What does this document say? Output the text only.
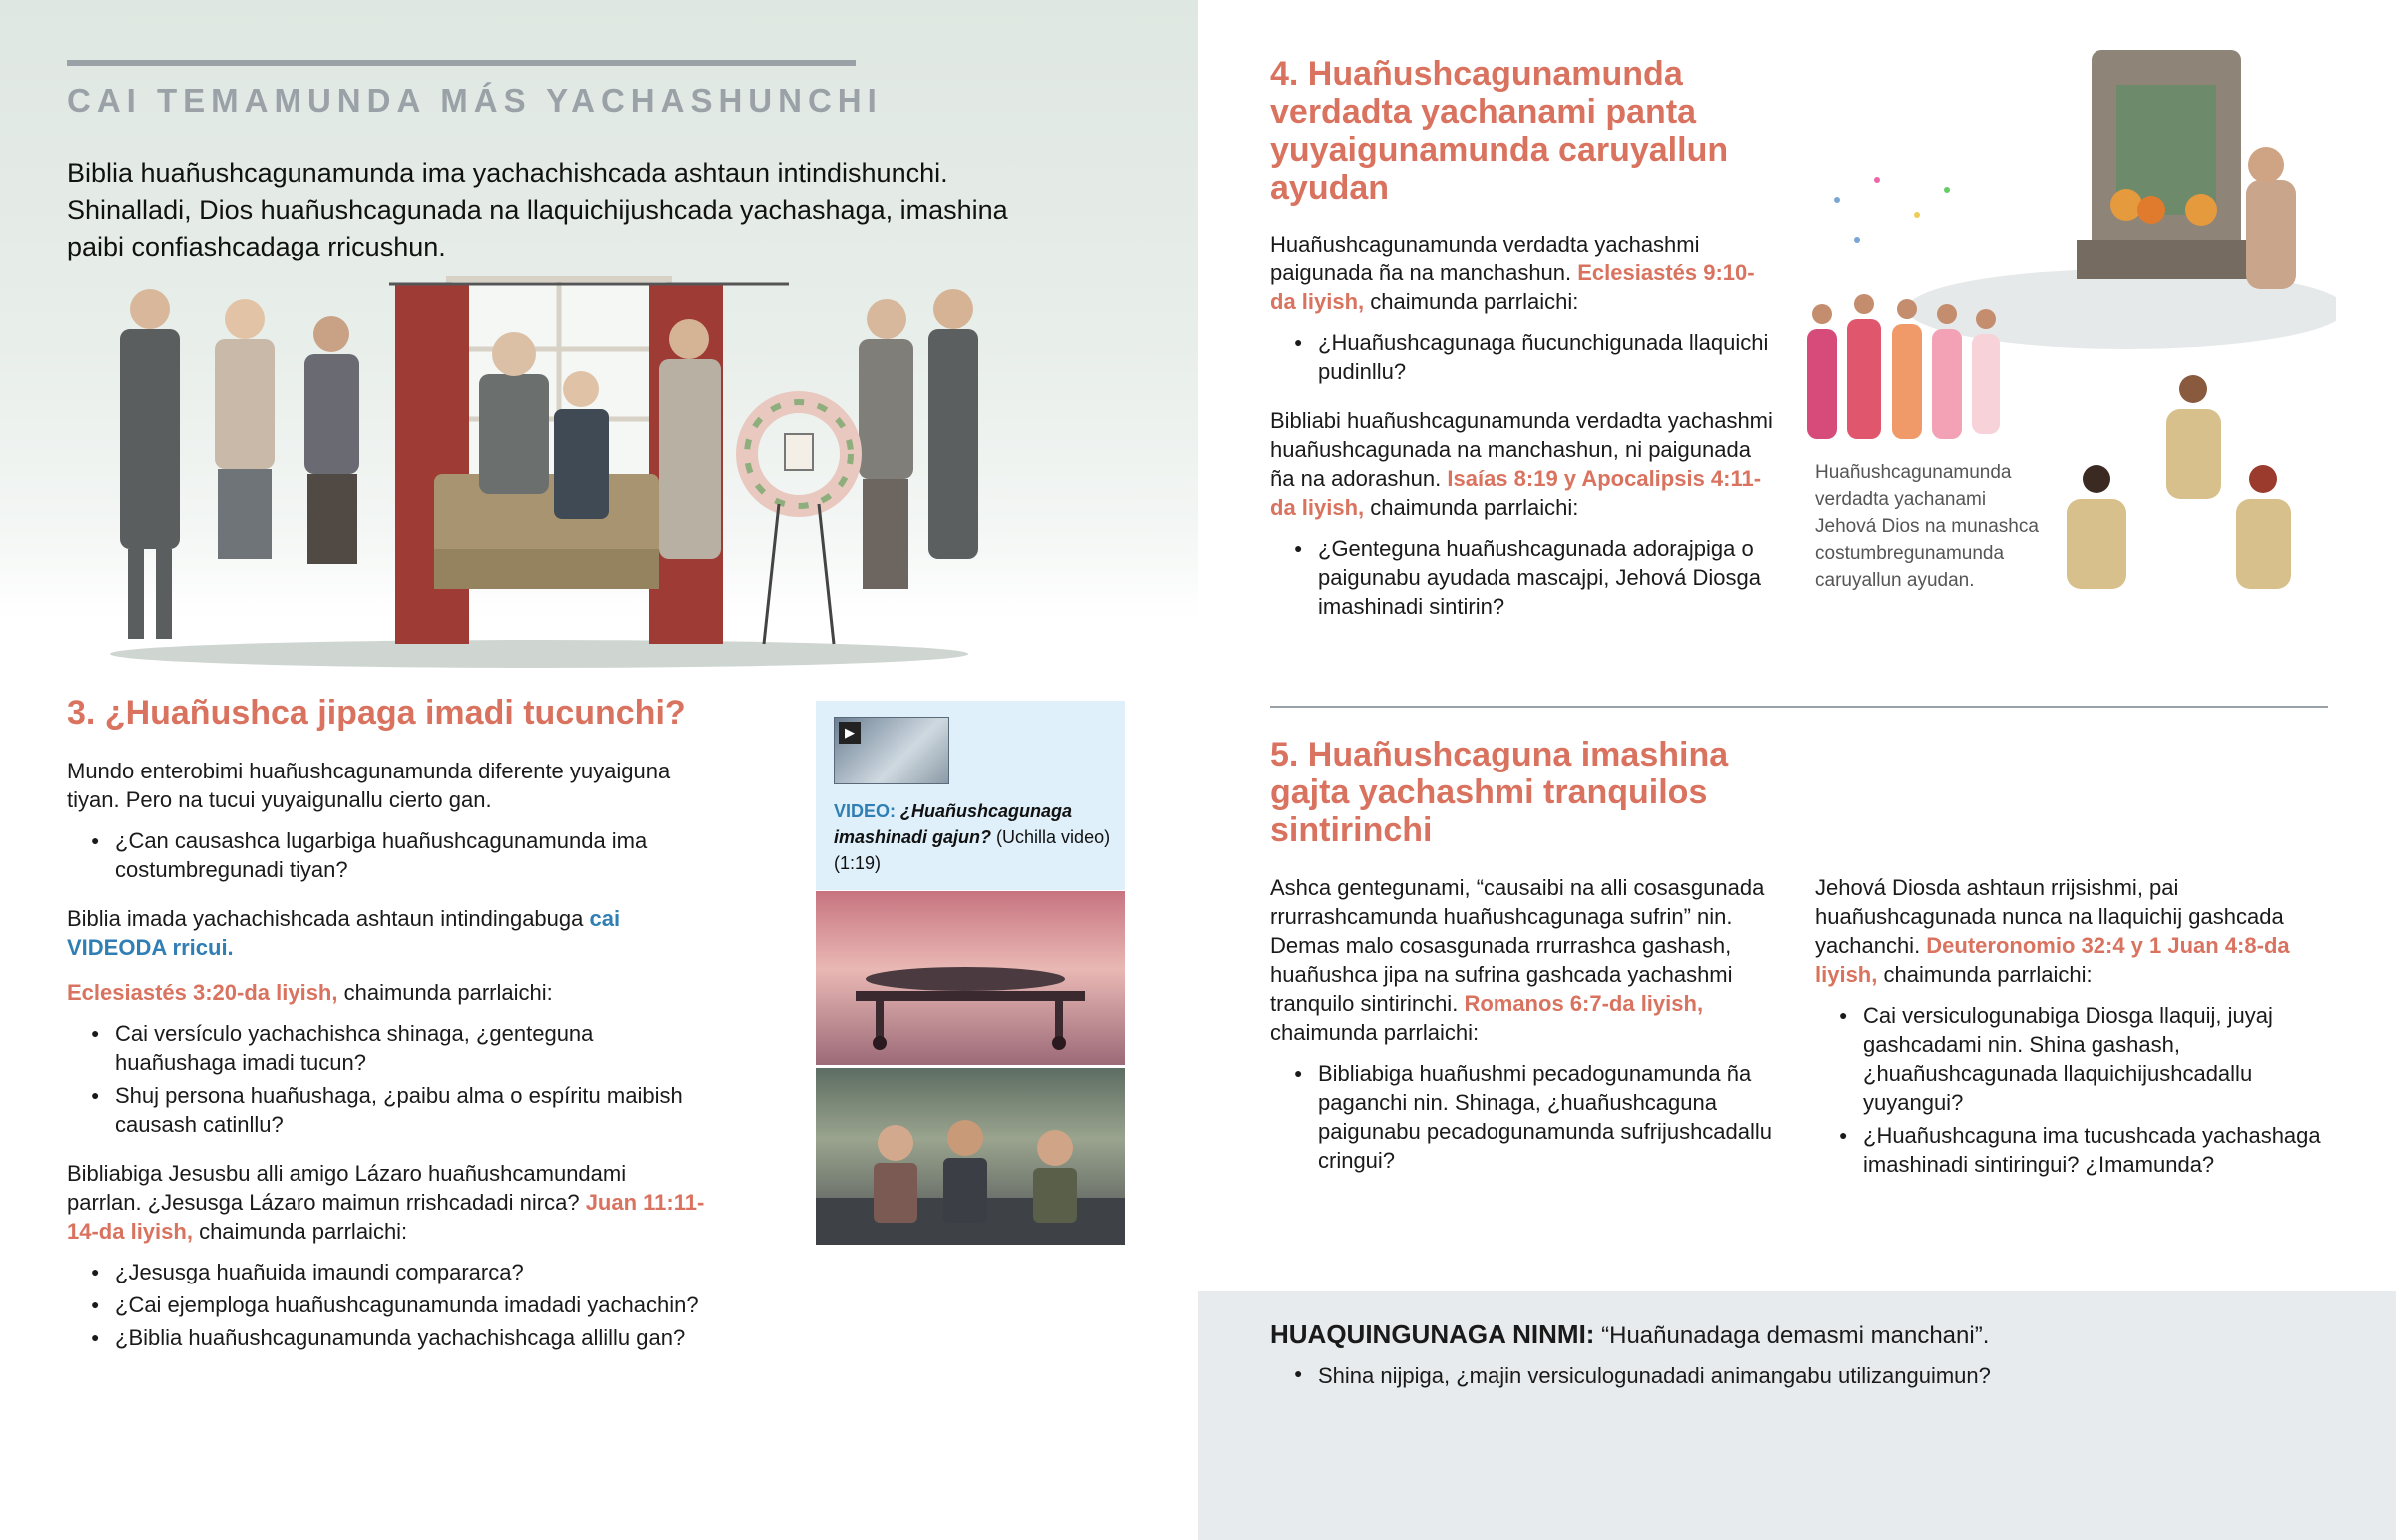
CAI TEMAMUNDA MÁS YACHASHUNCHI
Biblia huañushcagunamunda ima yachachishcada ashtaun intindishunchi. Shinalladi, Dios huañushcagunada na llaquichijushcada yachashaga, imashina paibi confiashcadaga rricushun.
3. ¿Huañushca jipaga imadi tucunchi?
Mundo enterobimi huañushcagunamunda diferente yuyaiguna tiyan. Pero na tucui yuyaigunallu cierto gan.
● ¿Can causashca lugarbiga huañushcagunamunda ima costumbregunadi tiyan?
Biblia imada yachachishcada ashtaun intindingabuga cai VIDEODA rricui.
Eclesiastés 3:20-da liyish, chaimunda parrlaichi:
● Cai versículo yachachishca shinaga, ¿genteguna huañushaga imadi tucun?
● Shuj persona huañushaga, ¿paibu alma o espíritu maibish causash catinllu?
Bibliabiga Jesusbu alli amigo Lázaro huañushcamundami parrlan. ¿Jesusga Lázaro maimun rrishcadadi nirca? Juan 11:11-14-da liyish, chaimunda parrlaichi:
● ¿Jesusga huañuida imaundi compararca?
● ¿Cai ejemploga huañushcagunamunda imadadi yachachin?
● ¿Biblia huañushcagunamunda yachachishcaga allillu gan?
▶
VIDEO: ¿Huañushcagunaga imashinadi gajun? (Uchilla video) (1:19)
4. Huañushcagunamunda verdadta yachanami panta yuyaigunamunda caruyallun ayudan
Huañushcagunamunda verdadta yachashmi paigunada ña na manchashun. Eclesiastés 9:10-da liyish, chaimunda parrlaichi:
● ¿Huañushcagunaga ñucunchigunada llaquichi pudinllu?
Bibliabi huañushcagunamunda verdadta yachashmi huañushcagunada na manchashun, ni paigunada ña na adorashun. Isaías 8:19 y Apocalipsis 4:11-da liyish, chaimunda parrlaichi:
● ¿Genteguna huañushcagunada adorajpiga o paigunabu ayudada mascajpi, Jehová Diosga imashinadi sintirin?
Huañushcagunamunda verdadta yachanami Jehová Dios na munashca costumbregunamunda caruyallun ayudan.
5. Huañushcaguna imashina gajta yachashmi tranquilos sintirinchi
Ashca gentegunami, “causaibi na alli cosasgunada rrurrashcamunda huañushcagunaga sufrin” nin. Demas malo cosasgunada rrurrashca gashash, huañushca jipa na sufrina gashcada yachashmi tranquilo sintirinchi. Romanos 6:7-da liyish, chaimunda parrlaichi:
● Bibliabiga huañushmi pecadogunamunda ña paganchi nin. Shinaga, ¿huañushcaguna paigunabu pecadogunamunda sufrijushcadallu cringui?
Jehová Diosda ashtaun rrijsishmi, pai huañushcagunada nunca na llaquichij gashcada yachanchi. Deuteronomio 32:4 y 1 Juan 4:8-da liyish, chaimunda parrlaichi:
● Cai versiculogunabiga Diosga llaquij, juyaj gashcadami nin. Shina gashash, ¿huañushcagunada llaquichijushcadallu yuyangui?
● ¿Huañushcaguna ima tucushcada yachashaga imashinadi sintiringui? ¿Imamunda?
HUAQUINGUNAGA NINMI: “Huañunadaga demasmi manchani”.
● Shina nijpiga, ¿majin versiculogunadadi animangabu utilizanguimun?
